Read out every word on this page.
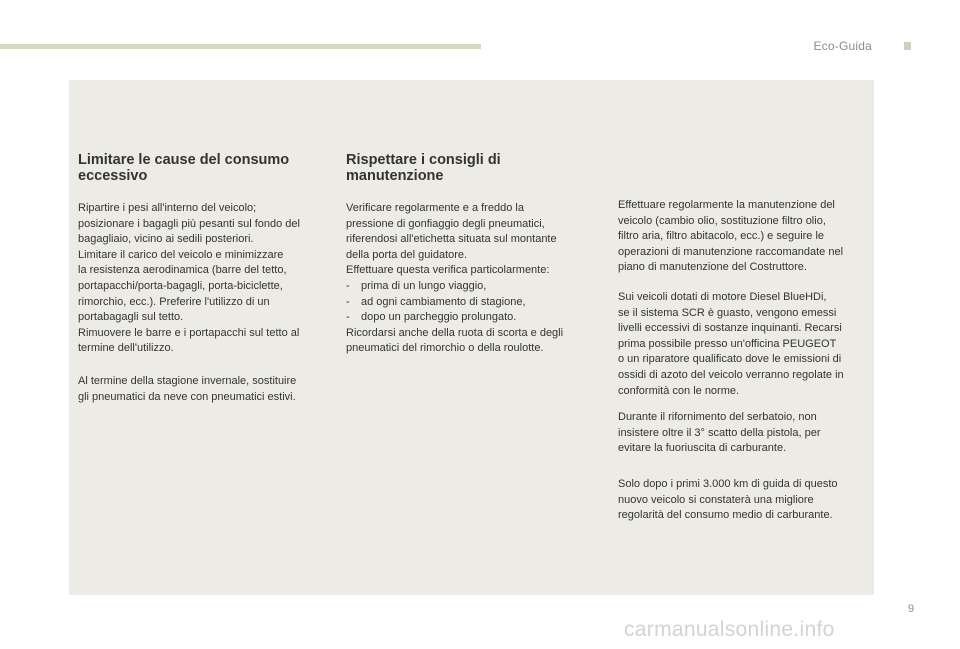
Eco-Guida
Limitare le cause del consumo
eccessivo

Ripartire i pesi all'interno del veicolo;
posizionare i bagagli più pesanti sul fondo del
bagagliaio, vicino ai sedili posteriori.
Limitare il carico del veicolo e minimizzare
la resistenza aerodinamica (barre del tetto,
portapacchi/porta-bagagli, porta-biciclette,
rimorchio, ecc.). Preferire l'utilizzo di un
portabagagli sul tetto.
Rimuovere le barre e i portapacchi sul tetto al
termine dell'utilizzo.

Al termine della stagione invernale, sostituire
gli pneumatici da neve con pneumatici estivi.

Rispettare i consigli di
manutenzione

Verificare regolarmente e a freddo la
pressione di gonfiaggio degli pneumatici,
riferendosi all'etichetta situata sul montante
della porta del guidatore.
Effettuare questa verifica particolarmente:

- prima di un lungo viaggio,
- ad ogni cambiamento di stagione,
- dopo un parcheggio prolungato.

Ricordarsi anche della ruota di scorta e degli
pneumatici del rimorchio o della roulotte.

Effettuare regolarmente la manutenzione del
veicolo (cambio olio, sostituzione filtro olio,
filtro aria, filtro abitacolo, ecc.) e seguire le
operazioni di manutenzione raccomandate nel
piano di manutenzione del Costruttore.

Sui veicoli dotati di motore Diesel BlueHDi,
se il sistema SCR è guasto, vengono emessi
livelli eccessivi di sostanze inquinanti. Recarsi
prima possibile presso un'officina PEUGEOT
o un riparatore qualificato dove le emissioni di
ossidi di azoto del veicolo verranno regolate in
conformità con le norme.

Durante il rifornimento del serbatoio, non
insistere oltre il 3° scatto della pistola, per
evitare la fuoriuscita di carburante.

Solo dopo i primi 3.000 km di guida di questo
nuovo veicolo si constaterà una migliore
regolarità del consumo medio di carburante.

9
carmanualsonline.info
